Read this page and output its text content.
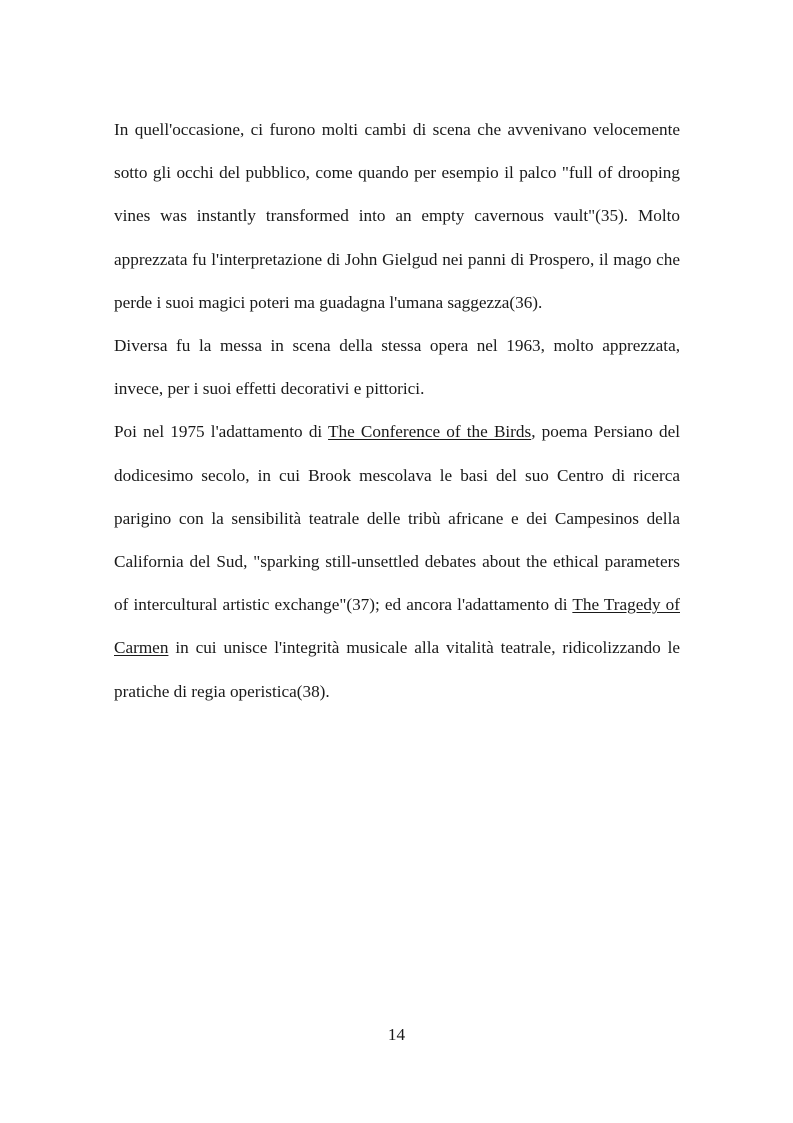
In quell'occasione, ci furono molti cambi di scena che avvenivano velocemente sotto gli occhi del pubblico, come quando per esempio il palco "full of drooping vines was instantly transformed into an empty cavernous vault"(35). Molto apprezzata fu l'interpretazione di John Gielgud nei panni di Prospero, il mago che perde i suoi magici poteri ma guadagna l'umana saggezza(36).

Diversa fu la messa in scena della stessa opera nel 1963, molto apprezzata, invece, per i suoi effetti decorativi e pittorici.

Poi nel 1975 l'adattamento di The Conference of the Birds, poema Persiano del dodicesimo secolo, in cui Brook mescolava le basi del suo Centro di ricerca parigino con la sensibilità teatrale delle tribù africane e dei Campesinos della California del Sud, "sparking still-unsettled debates about the ethical parameters of intercultural artistic exchange"(37); ed ancora l'adattamento di The Tragedy of Carmen in cui unisce l'integrità musicale alla vitalità teatrale, ridicolizzando le pratiche di regia operistica(38).

14
